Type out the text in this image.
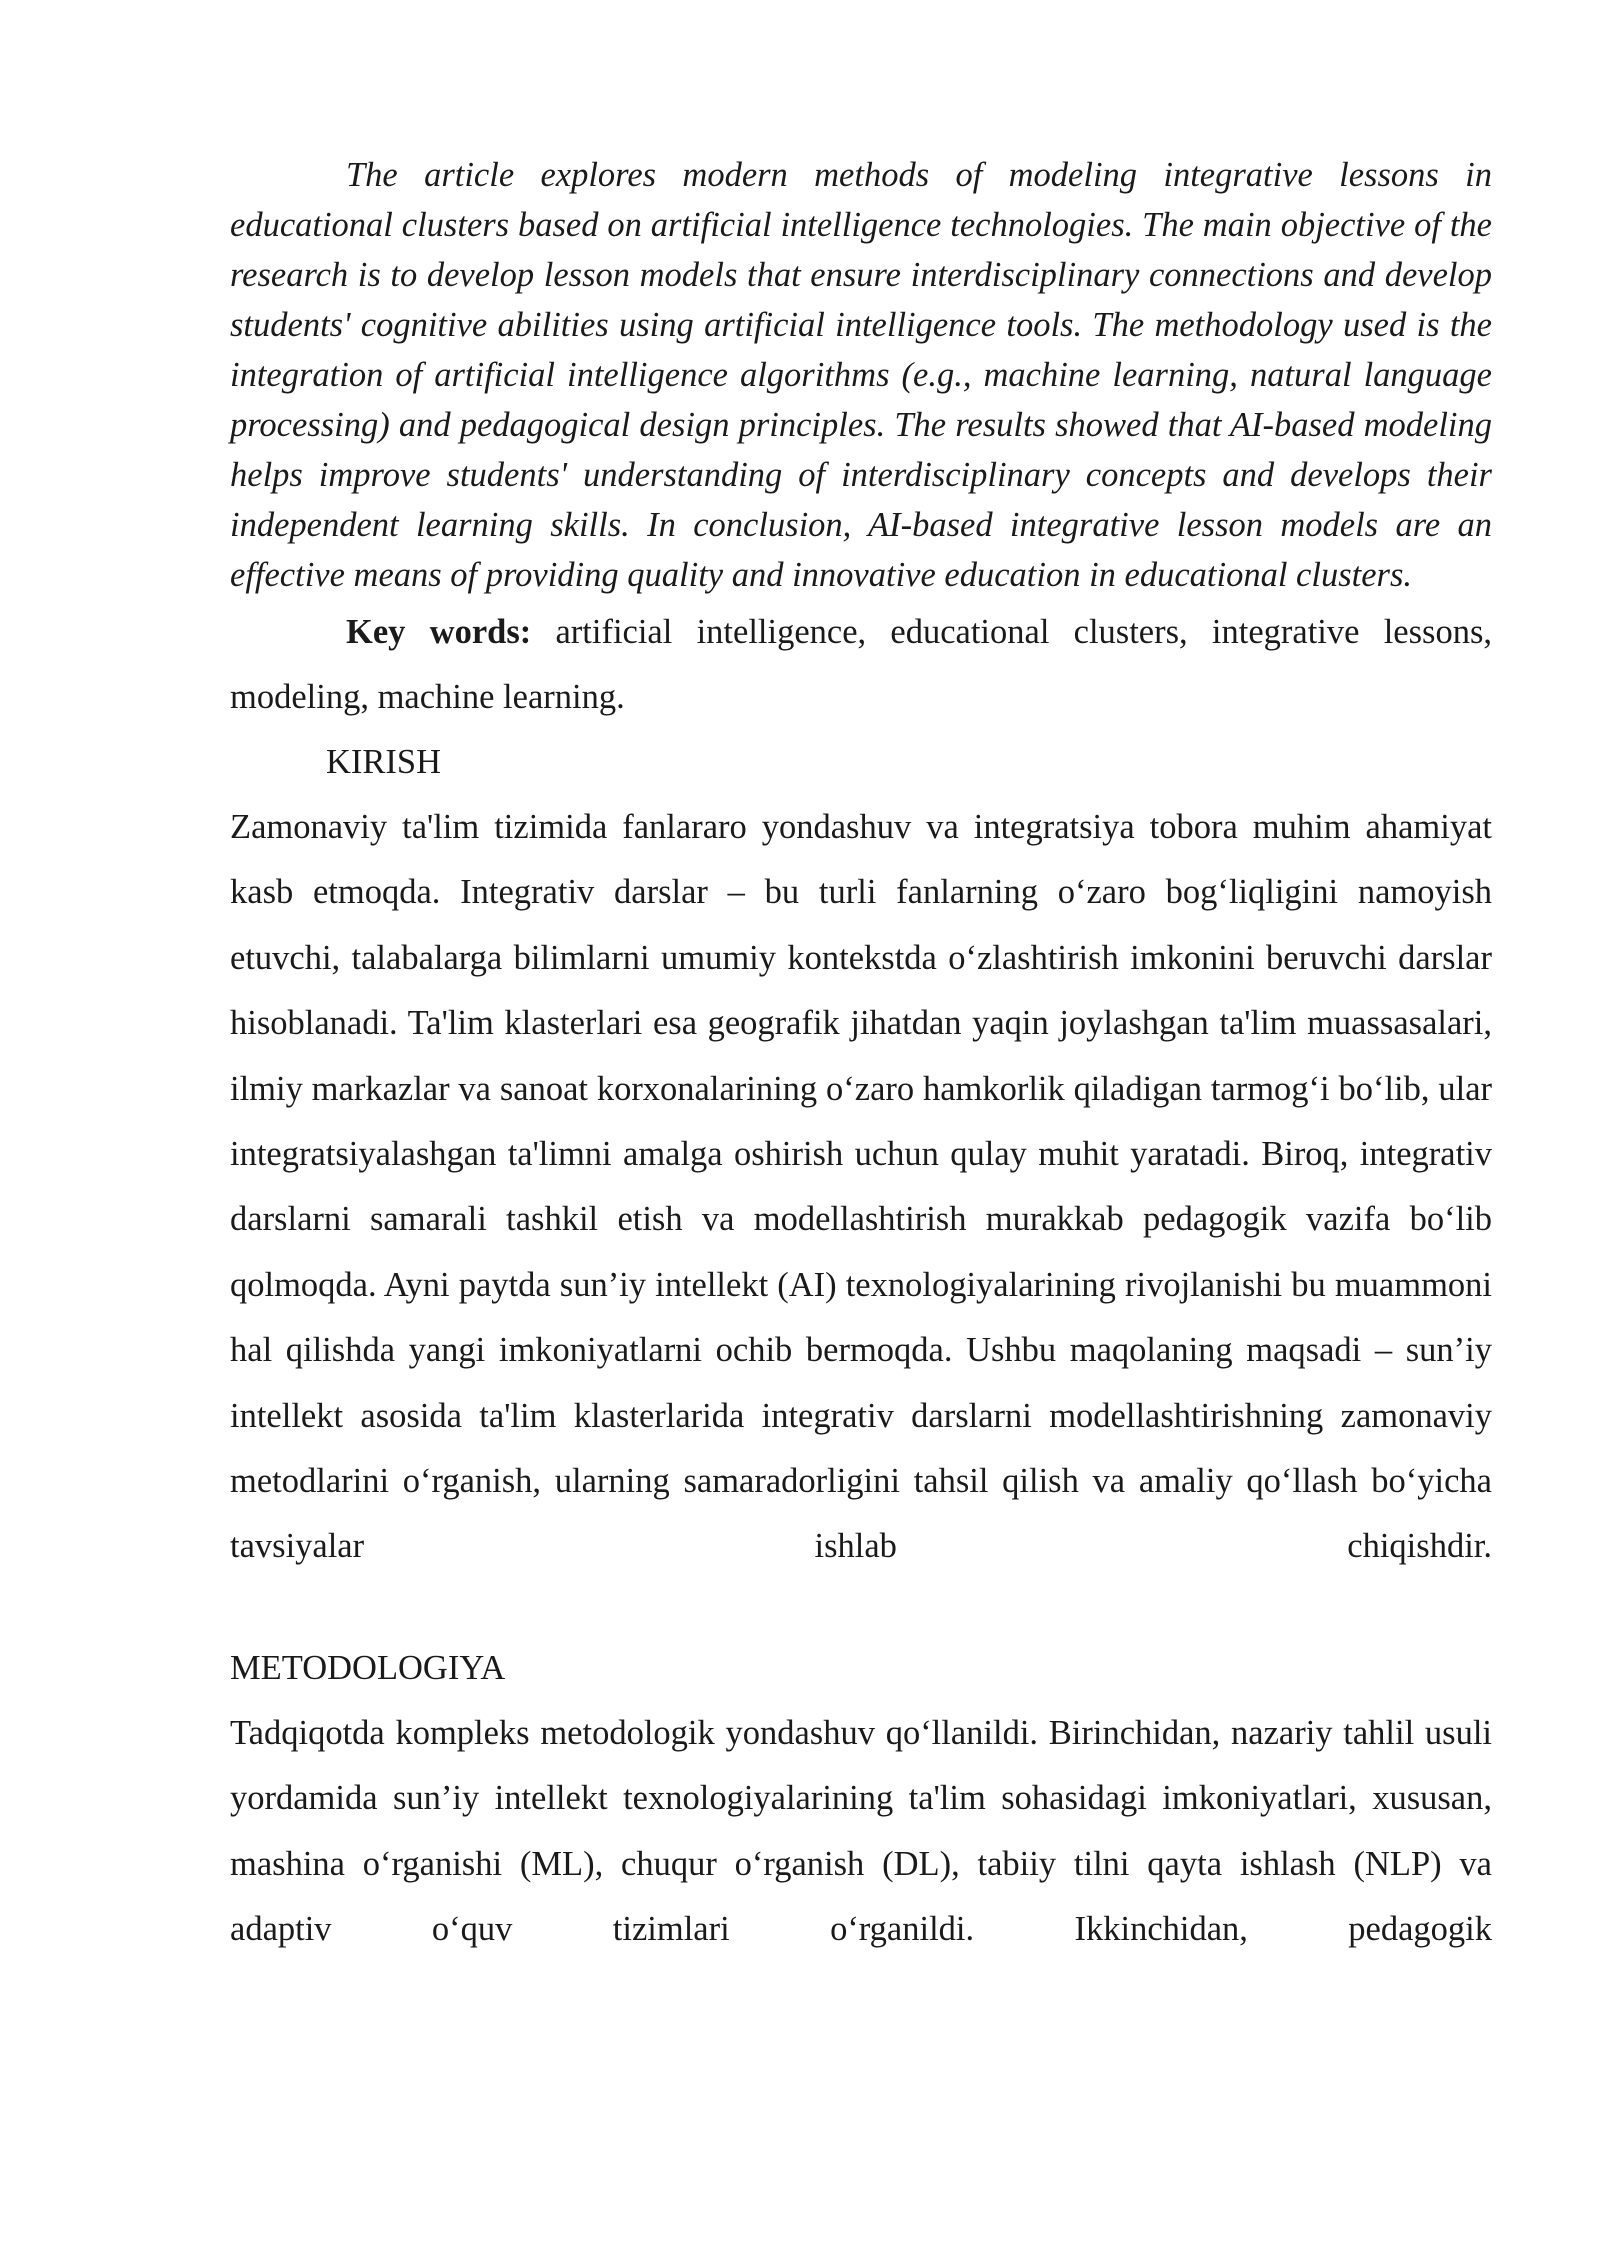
The article explores modern methods of modeling integrative lessons in educational clusters based on artificial intelligence technologies. The main objective of the research is to develop lesson models that ensure interdisciplinary connections and develop students' cognitive abilities using artificial intelligence tools. The methodology used is the integration of artificial intelligence algorithms (e.g., machine learning, natural language processing) and pedagogical design principles. The results showed that AI-based modeling helps improve students' understanding of interdisciplinary concepts and develops their independent learning skills. In conclusion, AI-based integrative lesson models are an effective means of providing quality and innovative education in educational clusters.

Key words: artificial intelligence, educational clusters, integrative lessons, modeling, machine learning.

KIRISH

Zamonaviy ta'lim tizimida fanlararo yondashuv va integratsiya tobora muhim ahamiyat kasb etmoqda. Integrativ darslar – bu turli fanlarning o‘zaro bog‘liqligini namoyish etuvchi, talabalarga bilimlarni umumiy kontekstda o‘zlashtirish imkonini beruvchi darslar hisoblanadi. Ta'lim klasterlari esa geografik jihatdan yaqin joylashgan ta'lim muassasalari, ilmiy markazlar va sanoat korxonalarining o‘zaro hamkorlik qiladigan tarmog‘i bo‘lib, ular integratsiyalashgan ta'limni amalga oshirish uchun qulay muhit yaratadi. Biroq, integrativ darslarni samarali tashkil etish va modellashtirish murakkab pedagogik vazifa bo‘lib qolmoqda. Ayni paytda sun’iy intellekt (AI) texnologiyalarining rivojlanishi bu muammoni hal qilishda yangi imkoniyatlarni ochib bermoqda. Ushbu maqolaning maqsadi – sun’iy intellekt asosida ta'lim klasterlarida integrativ darslarni modellashtirishning zamonaviy metodlarini o‘rganish, ularning samaradorligini tahsil qilish va amaliy qo‘llash bo‘yicha tavsiyalar ishlab chiqishdir.

METODOLOGIYA

Tadqiqotda kompleks metodologik yondashuv qo‘llanildi. Birinchidan, nazariy tahlil usuli yordamida sun’iy intellekt texnologiyalarining ta'lim sohasidagi imkoniyatlari, xususan, mashina o‘rganishi (ML), chuqur o‘rganish (DL), tabiiy tilni qayta ishlash (NLP) va adaptiv o‘quv tizimlari o‘rganildi. Ikkinchidan, pedagogik
